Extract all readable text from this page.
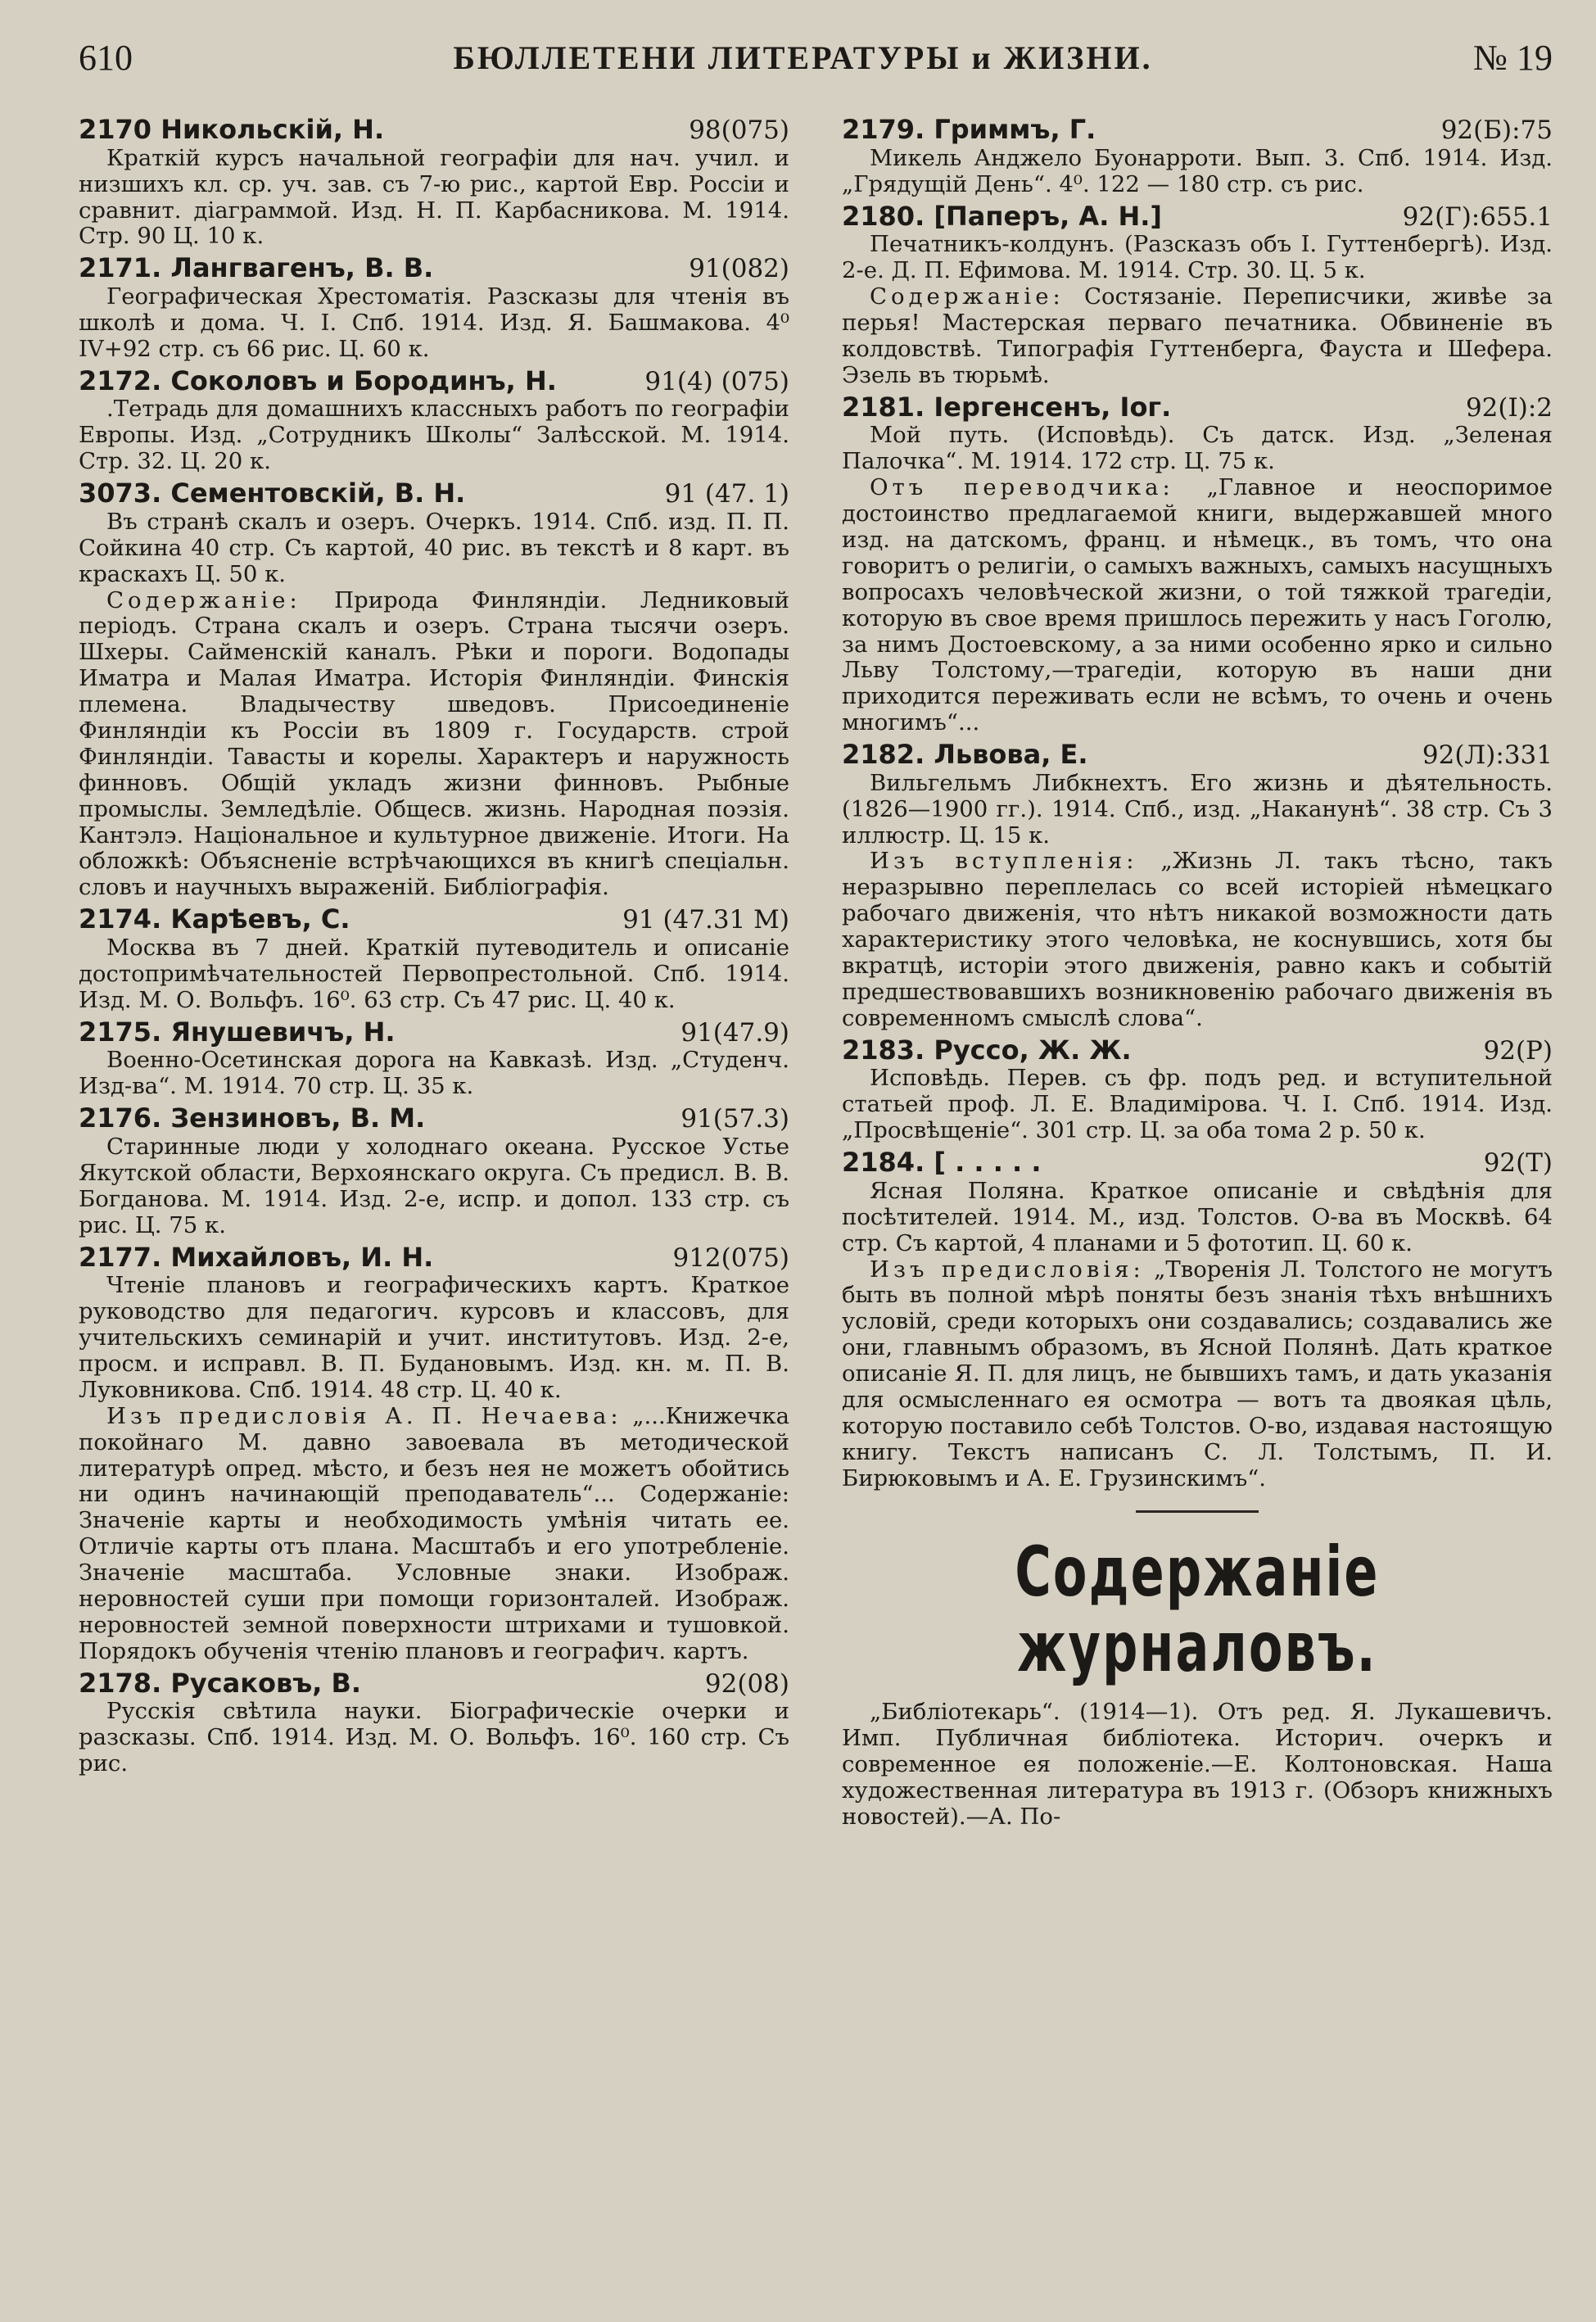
610	БЮЛЛЕТЕНИ ЛИТЕРАТУРЫ и ЖИЗНИ.	№ 19
2170 Никольскій, Н.	98(075)
Краткій курсъ начальной географіи для нач. учил. и низшихъ кл. ср. уч. зав. съ 7-ю рис., картой Евр. Россіи и сравнит. діаграммой. Изд. Н. П. Карбасникова. М. 1914. Стр. 90 Ц. 10 к.
2171. Лангвагенъ, В. В.	91(082)
Географическая Хрестоматія. Разсказы для чтенія въ школѣ и дома. Ч. I. Спб. 1914. Изд. Я. Башмакова. 4⁰ IV+92 стр. съ 66 рис. Ц. 60 к.
2172. Соколовъ и Бородинъ, Н.	91(4) (075)
.Тетрадь для домашнихъ классныхъ работъ по географіи Европы. Изд. „Сотрудникъ Школы“ Залѣсской. М. 1914. Стр. 32. Ц. 20 к.
3073. Сементовскій, В. Н.	91 (47. 1)
Въ странѣ скалъ и озеръ. Очеркъ. 1914. Спб. изд. П. П. Сойкина 40 стр. Съ картой, 40 рис. въ текстѣ и 8 карт. въ краскахъ Ц. 50 к.
Содержаніе: Природа Финляндіи. Ледниковый періодъ. Страна скалъ и озеръ. Страна тысячи озеръ. Шхеры. Сайменскій каналъ. Рѣки и пороги. Водопады Иматра и Малая Иматра. Исторія Финляндіи. Финскія племена. Владычеству шведовъ. Присоединеніе Финляндіи къ Россіи въ 1809 г. Государств. строй Финляндіи. Тавасты и корелы. Характеръ и наружность финновъ. Общій укладъ жизни финновъ. Рыбные промыслы. Земледѣліе. Общесв. жизнь. Народная поэзія. Кантэлэ. Національное и культурное движеніе. Итоги. На обложкѣ: Объясненіе встрѣчающихся въ книгѣ спеціальн. словъ и научныхъ выраженій. Библіографія.
2174. Карѣевъ, С.	91 (47.31 М)
Москва въ 7 дней. Краткій путеводитель и описаніе достопримѣчательностей Первопрестольной. Спб. 1914. Изд. М. О. Вольфъ. 16⁰. 63 стр. Съ 47 рис. Ц. 40 к.
2175. Янушевичъ, Н.	91(47.9)
Военно-Осетинская дорога на Кавказѣ. Изд. „Студенч. Изд-ва“. М. 1914. 70 стр. Ц. 35 к.
2176. Зензиновъ, В. М.	91(57.3)
Старинные люди у холоднаго океана. Русское Устье Якутской области, Верхоянскаго округа. Съ предисл. В. В. Богданова. М. 1914. Изд. 2-е, испр. и допол. 133 стр. съ рис. Ц. 75 к.
2177. Михайловъ, И. Н.	912(075)
Чтеніе плановъ и географическихъ картъ. Краткое руководство для педагогич. курсовъ и классовъ, для учительскихъ семинарій и учит. институтовъ. Изд. 2-е, просм. и исправл. В. П. Будановымъ. Изд. кн. м. П. В. Луковникова. Спб. 1914. 48 стр. Ц. 40 к.
Изъ предисловія А. П. Нечаева: „...Книжечка покойнаго М. давно завоевала въ методической литературѣ опред. мѣсто, и безъ нея не можетъ обойтись ни одинъ начинающій преподаватель“... Содержаніе: Значеніе карты и необходимость умѣнія читать ее. Отличіе карты отъ плана. Масштабъ и его употребленіе. Значеніе масштаба. Условные знаки. Изображ. неровностей суши при помощи горизонталей. Изображ. неровностей земной поверхности штрихами и тушовкой. Порядокъ обученія чтенію плановъ и географич. картъ.
2178. Русаковъ, В.	92(08)
Русскія свѣтила науки. Біографическіе очерки и разсказы. Спб. 1914. Изд. М. О. Вольфъ. 16⁰. 160 стр. Съ рис.
2179. Гриммъ, Г.	92(Б):75
Микель Анджело Буонарроти. Вып. 3. Спб. 1914. Изд. „Грядущій День“. 4⁰. 122 — 180 стр. съ рис.
2180. [Паперъ, А. Н.]	92(Г):655.1
Печатникъ-колдунъ. (Разсказъ объ І. Гуттенбергѣ). Изд. 2-е. Д. П. Ефимова. М. 1914. Стр. 30. Ц. 5 к.
Содержаніе: Состязаніе. Переписчики, живѣе за перья! Мастерская перваго печатника. Обвиненіе въ колдовствѣ. Типографія Гуттенберга, Фауста и Шефера. Эзель въ тюрьмѣ.
2181. Іергенсенъ, Іог.	92(І):2
Мой путь. (Исповѣдь). Съ датск. Изд. „Зеленая Палочка“. М. 1914. 172 стр. Ц. 75 к.
Отъ переводчика: „Главное и неоспоримое достоинство предлагаемой книги, выдержавшей много изд. на датскомъ, франц. и нѣмецк., въ томъ, что она говоритъ о религіи, о самыхъ важныхъ, самыхъ насущныхъ вопросахъ человѣческой жизни, о той тяжкой трагедіи, которую въ свое время пришлось пережить у насъ Гоголю, за нимъ Достоевскому, а за ними особенно ярко и сильно Льву Толстому,—трагедіи, которую въ наши дни приходится переживать если не всѣмъ, то очень и очень многимъ“...
2182. Львова, Е.	92(Л):331
Вильгельмъ Либкнехтъ. Его жизнь и дѣятельность. (1826—1900 гг.). 1914. Спб., изд. „Наканунѣ“. 38 стр. Съ 3 иллюстр. Ц. 15 к.
Изъ вступленія: „Жизнь Л. такъ тѣсно, такъ неразрывно переплелась со всей исторіей нѣмецкаго рабочаго движенія, что нѣтъ никакой возможности дать характеристику этого человѣка, не коснувшись, хотя бы вкратцѣ, исторіи этого движенія, равно какъ и событій предшествовавшихъ возникновенію рабочаго движенія въ современномъ смыслѣ слова“.
2183. Руссо, Ж. Ж.	92(Р)
Исповѣдь. Перев. съ фр. подъ ред. и вступительной статьей проф. Л. Е. Владимірова. Ч. I. Спб. 1914. Изд. „Просвѣщеніе“. 301 стр. Ц. за оба тома 2 р. 50 к.
2184. [ . . . . .	92(Т)
Ясная Поляна. Краткое описаніе и свѣдѣнія для посѣтителей. 1914. М., изд. Толстов. О-ва въ Москвѣ. 64 стр. Съ картой, 4 планами и 5 фототип. Ц. 60 к.
Изъ предисловія: „Творенія Л. Толстого не могутъ быть въ полной мѣрѣ поняты безъ знанія тѣхъ внѣшнихъ условій, среди которыхъ они создавались; создавались же они, главнымъ образомъ, въ Ясной Полянѣ. Дать краткое описаніе Я. П. для лицъ, не бывшихъ тамъ, и дать указанія для осмысленнаго ея осмотра — вотъ та двоякая цѣль, которую поставило себѣ Толстов. О-во, издавая настоящую книгу. Текстъ написанъ С. Л. Толстымъ, П. И. Бирюковымъ и А. Е. Грузинскимъ“.
Содержаніе журналовъ.
„Библіотекарь“. (1914—1). Отъ ред. Я. Лукашевичъ. Имп. Публичная библіотека. Историч. очеркъ и современное ея положеніе.—Е. Колтоновская. Наша художественная литература въ 1913 г. (Обзоръ книжныхъ новостей).—А. По-
